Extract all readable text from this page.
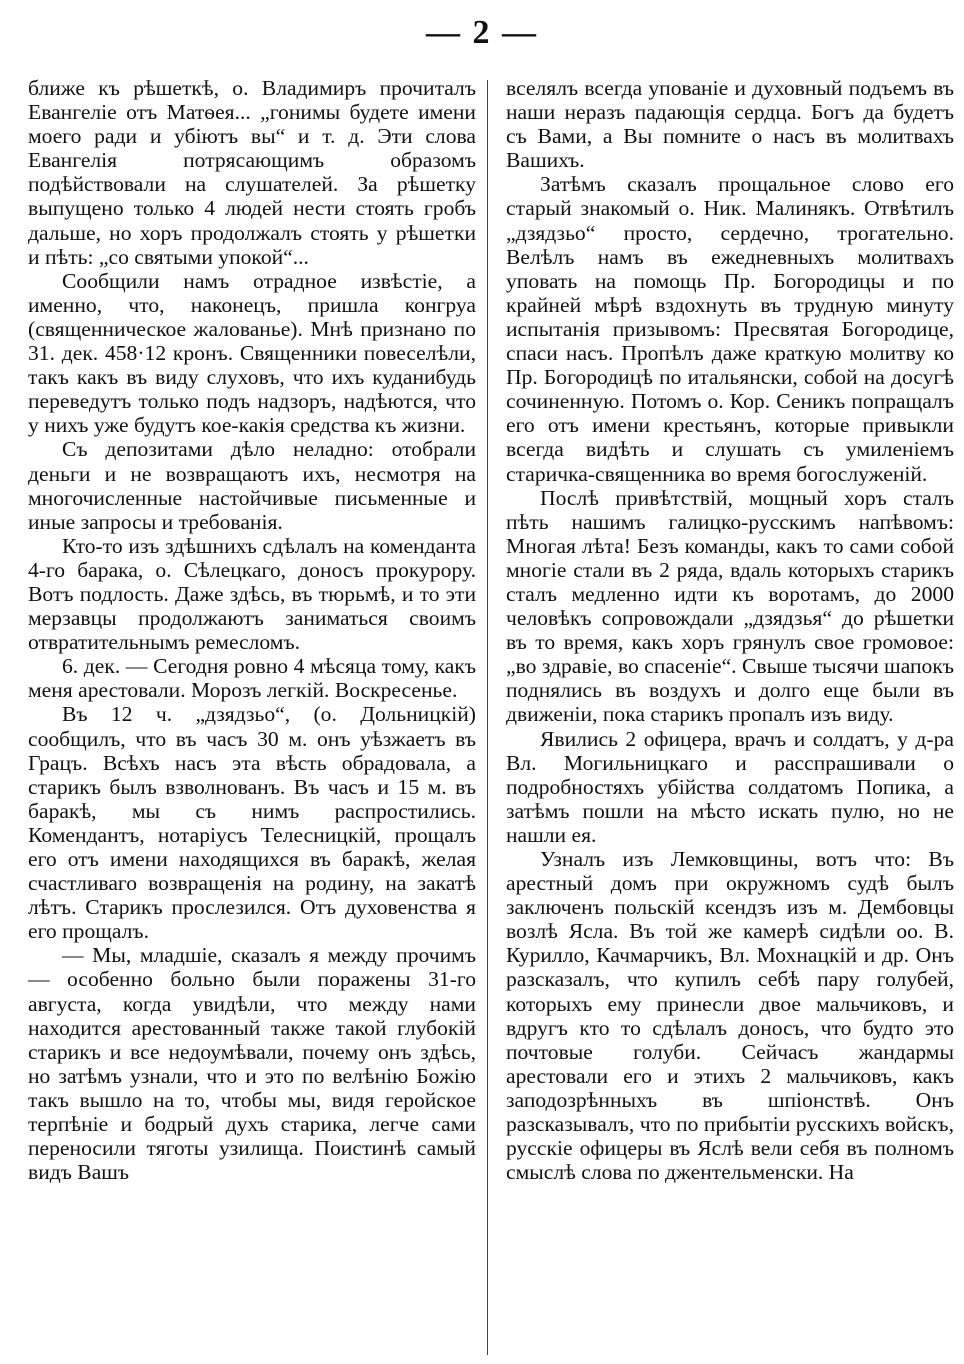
— 2 —

ближе къ рѣшеткѣ, о. Владимиръ прочиталъ Евангеліе отъ Матѳея... „гонимы будете имени моего ради и убіютъ вы“ и т. д. Эти слова Евангелія потрясающимъ образомъ подѣйствовали на слушателей. За рѣшетку выпущено только 4 людей нести стоять гробъ дальше, но хоръ продолжалъ стоять у рѣшетки и пѣть: „со святыми упокой“...

Сообщили намъ отрадное извѣстіе, а именно, что, наконецъ, пришла конгруа (священническое жалованье). Мнѣ признано по 31. дек. 458·12 кронъ. Священники повеселѣли, такъ какъ въ виду слуховъ, что ихъ куданибудь переведутъ только подъ надзоръ, надѣются, что у нихъ уже будутъ кое-какія средства къ жизни.

Съ депозитами дѣло неладно: отобрали деньги и не возвращаютъ ихъ, несмотря на многочисленные настойчивые письменные и иные запросы и требованія.

Кто-то изъ здѣшнихъ сдѣлалъ на коменданта 4-го барака, о. Сѣлецкаго, доносъ прокурору. Вотъ подлость. Даже здѣсь, въ тюрьмѣ, и то эти мерзавцы продолжаютъ заниматься своимъ отвратительнымъ ремесломъ.

6. дек. — Сегодня ровно 4 мѣсяца тому, какъ меня арестовали. Морозъ легкій. Воскресенье.

Въ 12 ч. „дзядзьо“, (о. Дольницкій) сообщилъ, что въ часъ 30 м. онъ уѣзжаетъ въ Грацъ. Всѣхъ насъ эта вѣсть обрадовала, а старикъ былъ взволнованъ. Въ часъ и 15 м. въ баракѣ, мы съ нимъ распростились. Комендантъ, нотаріусъ Телесницкій, прощалъ его отъ имени находящихся въ баракѣ, желая счастливаго возвращенія на родину, на закатѣ лѣтъ. Старикъ прослезился. Отъ духовенства я его прощалъ.

— Мы, младшіе, сказалъ я между прочимъ — особенно больно были поражены 31-го августа, когда увидѣли, что между нами находится арестованный также такой глубокій старикъ и все недоумѣвали, почему онъ здѣсь, но затѣмъ узнали, что и это по велѣнію Божію такъ вышло на то, чтобы мы, видя геройское терпѣніе и бодрый духъ старика, легче сами переносили тяготы узилища. Поистинѣ самый видъ Вашъ

вселялъ всегда упованіе и духовный подъемъ въ наши неразъ падающія сердца. Богъ да будетъ съ Вами, а Вы помните о насъ въ молитвахъ Вашихъ.

Затѣмъ сказалъ прощальное слово его старый знакомый о. Ник. Малинякъ. Отвѣтилъ „дзядзьо“ просто, сердечно, трогательно. Велѣлъ намъ въ ежедневныхъ молитвахъ уповать на помощь Пр. Богородицы и по крайней мѣрѣ вздохнуть въ трудную минуту испытанія призывомъ: Пресвятая Богородице, спаси насъ. Пропѣлъ даже краткую молитву ко Пр. Богородицѣ по итальянски, собой на досугѣ сочиненную. Потомъ о. Кор. Сеникъ попращалъ его отъ имени крестьянъ, которые привыкли всегда видѣть и слушать съ умиленіемъ старичка-священника во время богослуженій.

Послѣ привѣтствій, мощный хоръ сталъ пѣть нашимъ галицко-русскимъ напѣвомъ: Многая лѣта! Безъ команды, какъ то сами собой многіе стали въ 2 ряда, вдаль которыхъ старикъ сталъ медленно идти къ воротамъ, до 2000 человѣкъ сопровождали „дзядзья“ до рѣшетки въ то время, какъ хоръ грянулъ свое громовое: „во здравіе, во спасеніе“. Свыше тысячи шапокъ поднялись въ воздухъ и долго еще были въ движеніи, пока старикъ пропалъ изъ виду.

Явились 2 офицера, врачъ и солдатъ, у д-ра Вл. Могильницкаго и расспрашивали о подробностяхъ убійства солдатомъ Попика, а затѣмъ пошли на мѣсто искать пулю, но не нашли ея.

Узналъ изъ Лемковщины, вотъ что: Въ арестный домъ при окружномъ судѣ былъ заключенъ польскій ксендзъ изъ м. Дембовцы возлѣ Ясла. Въ той же камерѣ сидѣли оо. В. Курилло, Качмарчикъ, Вл. Мохнацкій и др. Онъ разсказалъ, что купилъ себѣ пару голубей, которыхъ ему принесли двое мальчиковъ, и вдругъ кто то сдѣлалъ доносъ, что будто это почтовые голуби. Сейчасъ жандармы арестовали его и этихъ 2 мальчиковъ, какъ заподозрѣнныхъ въ шпіонствѣ. Онъ разсказывалъ, что по прибытіи русскихъ войскъ, русскіе офицеры въ Яслѣ вели себя въ полномъ смыслѣ слова по джентельменски. На
